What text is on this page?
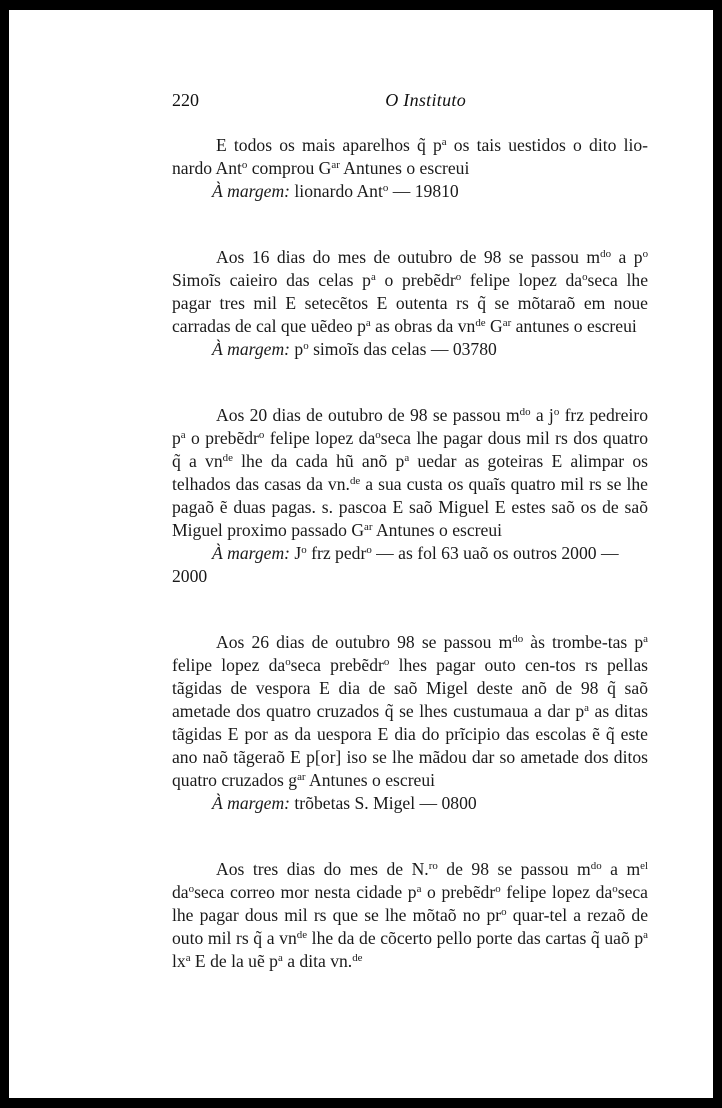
220	O Instituto

E todos os mais aparelhos q̃ $p^a$ os tais uestidos o dito lio-nardo Ant$^o$ comprou $G^{ar}$ Antunes o escreui
À margem: lionardo Ant$^o$ — 19810

Aos 16 dias do mes de outubro de 98 se passou $m^{do}$ a $p^o$ Simoĩs caieiro das celas $p^a$ o prebẽdr$^o$ felipe lopez $da^o\sec a$ lhe pagar tres mil E setecẽtos E outenta rs q̃ se mõtaraõ em noue carradas de cal que uẽdeo $p^a$ as obras da $vn^{de}$ $G^{ar}$ antunes o escreui
À margem: $p^o$ simoĩs das celas — 03780

Aos 20 dias de outubro de 98 se passou $m^{do}$ a $j^o$ frz pedreiro $p^a$ o prebẽdr$^o$ felipe lopez $da^o\sec a$ lhe pagar dous mil rs dos quatro q̃ a $vn^{de}$ lhe da cada hũ anõ $p^a$ uedar as goteiras E alimpar os telhados das casas da vn.$^{de}$ a sua custa os quaĩs quatro mil rs se lhe pagaõ ẽ duas pagas. s. pascoa E saõ Miguel E estes saõ os de saõ Miguel proximo passado $G^{ar}$ Antunes o escreui
À margem: $J^o$ frz pedr$^o$ — as fol 63 uaõ os outros 2000 — 2000

Aos 26 dias de outubro 98 se passou $m^{do}$ às trombe-tas $p^a$ felipe lopez $da^o\sec a$ prebẽdr$^o$ lhes pagar outo cen-tos rs pellas tãgidas de vespora E dia de saõ Migel deste anõ de 98 q̃ saõ ametade dos quatro cruzados q̃ se lhes custumaua a dar $p^a$ as ditas tãgidas E por as da uespora E dia do prĩcipio das escolas ẽ q̃ este ano naõ tãgeraõ E p[or] iso se lhe mãdou dar so ametade dos ditos quatro cruzados $g^{ar}$ Antunes o escreui
À margem: trõbetas S. Migel — 0800

Aos tres dias do mes de N.$^{ro}$ de 98 se passou $m^{do}$ a $m^{el}$ $da^o\sec a$ correo mor nesta cidade $p^a$ o prebẽdr$^o$ felipe lopez $da^o\sec a$ lhe pagar dous mil rs que se lhe mõtaõ no $pr^o$ quar-tel a rezaõ de outo mil rs q̃ a $vn^{de}$ lhe da de cõcerto pello porte das cartas q̃ uaõ $p^a$ $lx^a$ E de la uẽ $p^a$ a dita vn.$^{de}$
